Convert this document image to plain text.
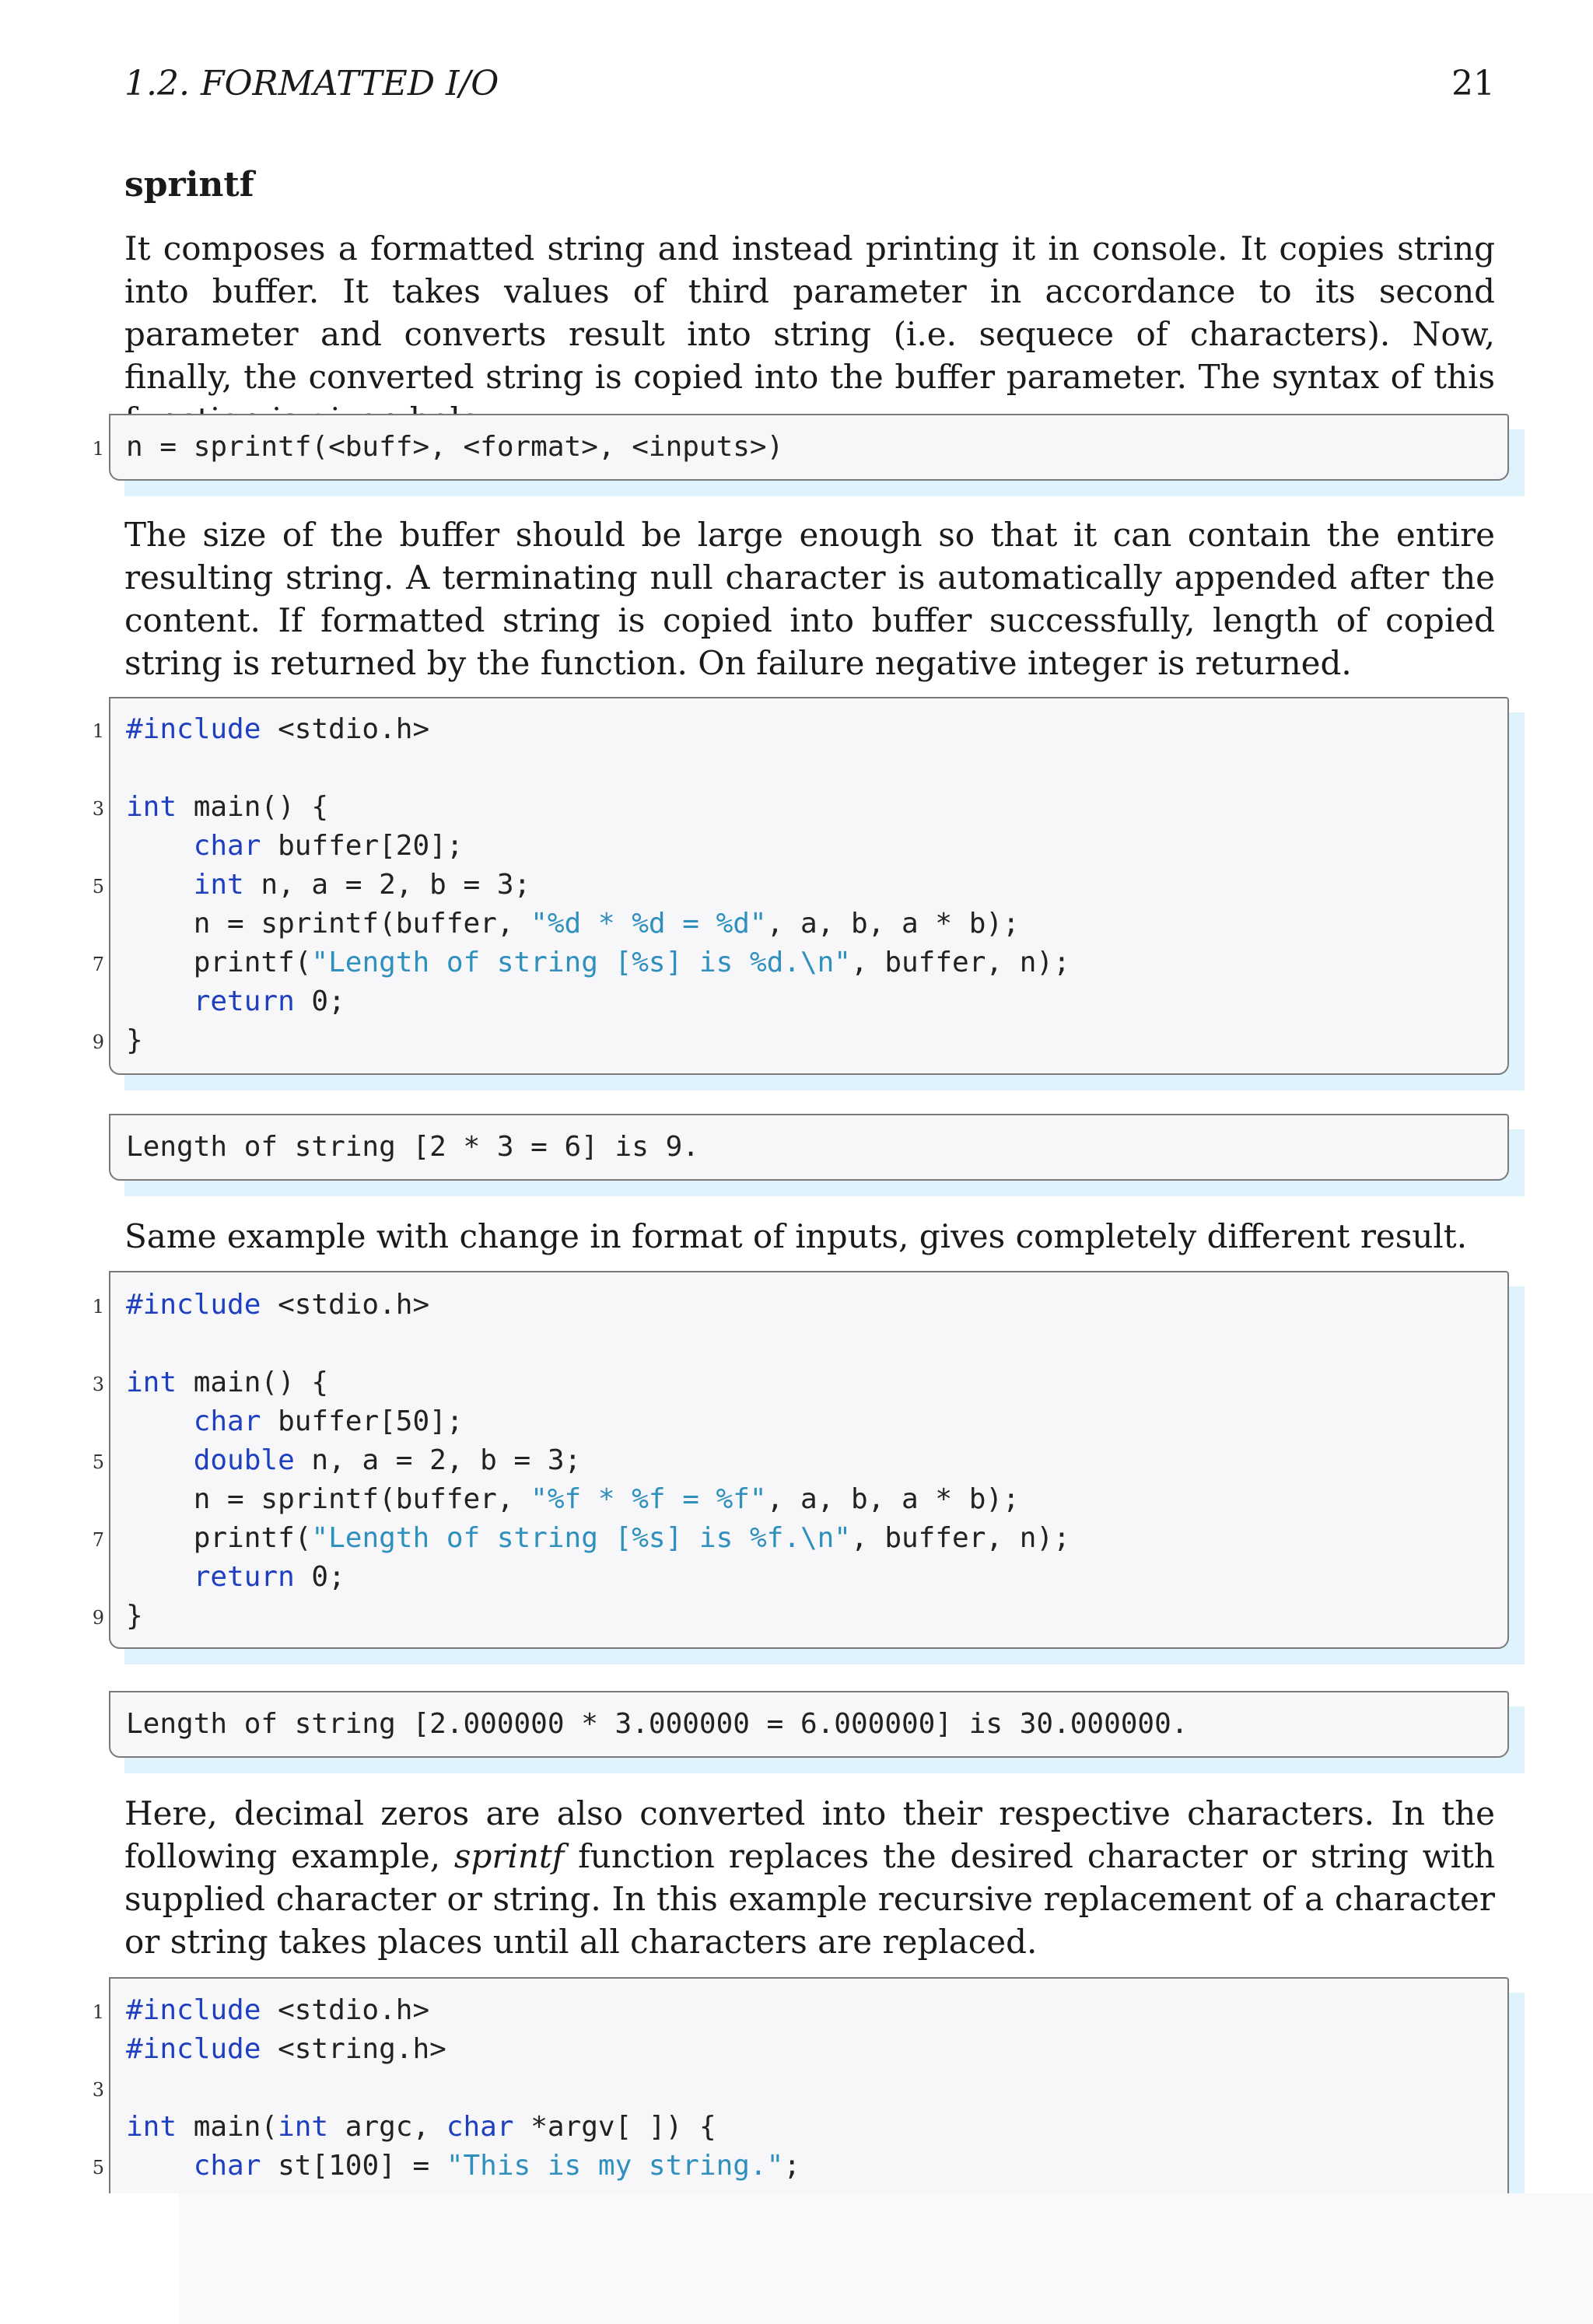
1.2. FORMATTED I/O	21
sprintf

It composes a formatted string and instead printing it in console. It copies string into buffer. It takes values of third parameter in accordance to its second parameter and converts result into string (i.e. sequece of characters). Now, finally, the converted string is copied into the buffer parameter. The syntax of this

1 n = sprintf(<buff>, <format>, <inputs>)

The size of the buffer should be large enough so that it can contain the entire resulting string. A terminating null character is automatically appended after the content. If formatted string is copied into buffer successfully, length of copied string is returned by the function. On failure negative integer is returned.

1
3
5
7
9
#include <stdio.h>
int main() {
char buffer[20];
int n, a = 2, b = 3;
n = sprintf(buffer, "%d * %d = %d", a, b, a * b);
printf("Length of string [%s] is %d.\n", buffer, n);
return 0;
}
Length of string [2 * 3 = 6] is 9.

Same example with change in format of inputs, gives completely different result.

1
3
5
7
9
#include <stdio.h>
int main() {
char buffer[50];
double n, a = 2, b = 3;
n = sprintf(buffer, "%f * %f = %f", a, b, a * b);
printf("Length of string [%s] is %f.\n", buffer, n);
return 0;
}
Length of string [2.000000 * 3.000000 = 6.000000] is 30.000000.

Here, decimal zeros are also converted into their respective characters. In the following example, sprintf function replaces the desired character or string with supplied character or string. In this example recursive replacement of a character or string takes places until all characters are replaced.

1
3
5
#include <stdio.h>
#include <string.h>
int main(int argc, char *argv[ ]) {
char st[100] = "This is my string.";
